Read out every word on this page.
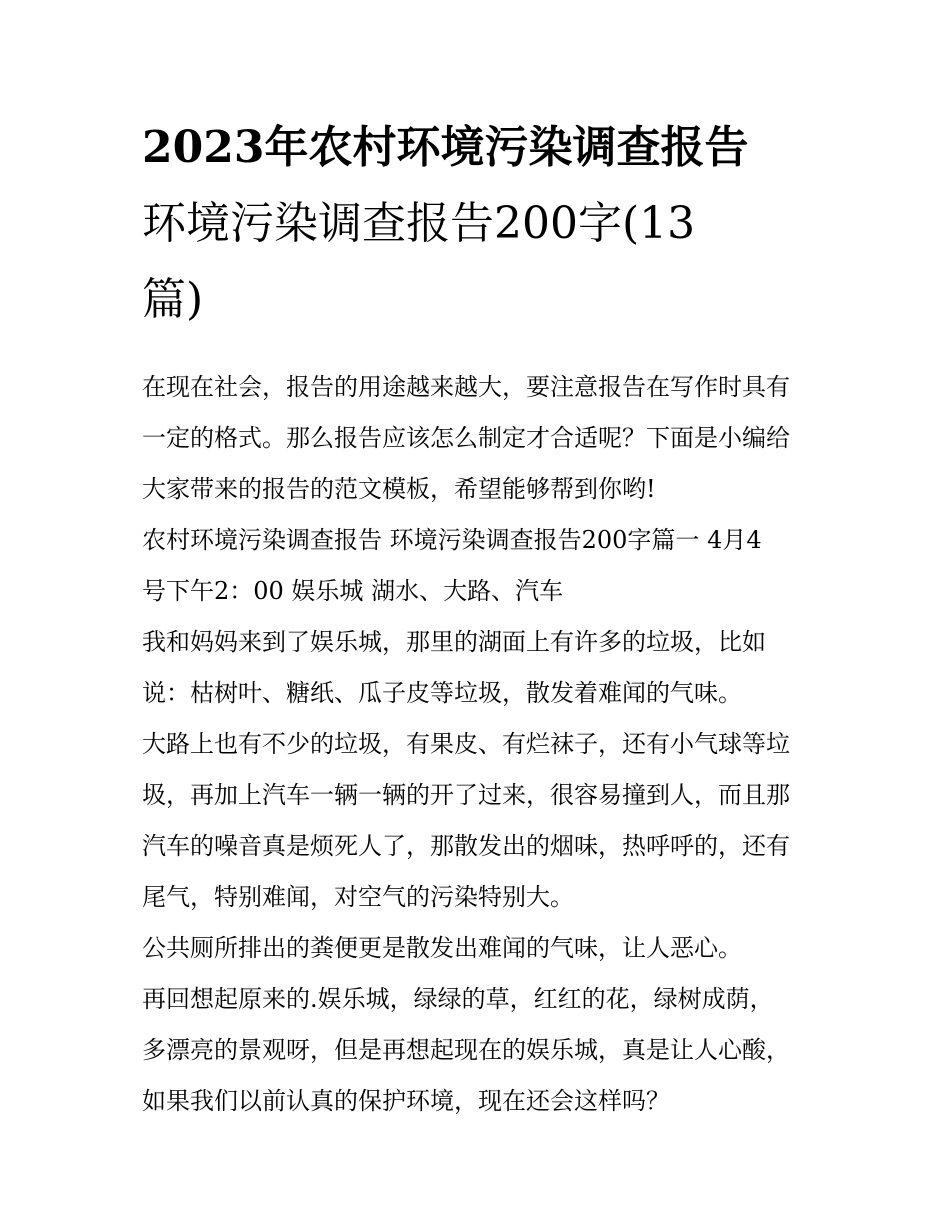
2023年农村环境污染调查报告
环境污染调查报告200字(13
篇)
在现在社会，报告的用途越来越大，要注意报告在写作时具有
一定的格式。那么报告应该怎么制定才合适呢？下面是小编给
大家带来的报告的范文模板，希望能够帮到你哟!
农村环境污染调查报告 环境污染调查报告200字篇一 4月4
号下午2：00 娱乐城 湖水、大路、汽车
我和妈妈来到了娱乐城，那里的湖面上有许多的垃圾，比如
说：枯树叶、糖纸、瓜子皮等垃圾，散发着难闻的气味。
大路上也有不少的垃圾，有果皮、有烂袜子，还有小气球等垃
圾，再加上汽车一辆一辆的开了过来，很容易撞到人，而且那
汽车的噪音真是烦死人了，那散发出的烟味，热呼呼的，还有
尾气，特别难闻，对空气的污染特别大。
公共厕所排出的粪便更是散发出难闻的气味，让人恶心。
再回想起原来的.娱乐城，绿绿的草，红红的花，绿树成荫，
多漂亮的景观呀，但是再想起现在的娱乐城，真是让人心酸，
如果我们以前认真的保护环境，现在还会这样吗？
